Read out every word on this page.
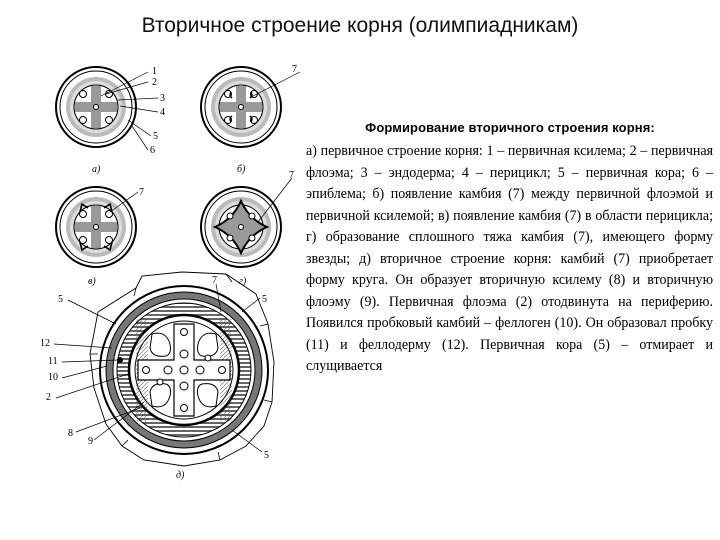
Вторичное строение корня (олимпиадникам)
1
2
3
4
5
6
а)
7
б)
7
в)
7
г)
5
7
5
12
11
10
2
8
9
5
д)
Формирование вторичного строения корня:

а) первичное строение корня: 1 – первичная ксилема; 2 – первичная флоэма; 3 – эндодерма; 4 – перицикл; 5 – первичная кора; 6 – эпиблема; б) появление камбия (7) между первичной флоэмой и первичной ксилемой; в) появление камбия (7) в области перицикла; г) образование сплошного тяжа камбия (7), имеющего форму звезды; д) вторичное строение корня: камбий (7) приобретает форму круга. Он образует вторичную ксилему (8) и вторичную флоэму (9). Первичная флоэма (2) отодвинута на периферию. Появился пробковый камбий – феллоген (10). Он образовал пробку (11) и феллодерму (12). Первичная кора (5) – отмирает и слущивается
